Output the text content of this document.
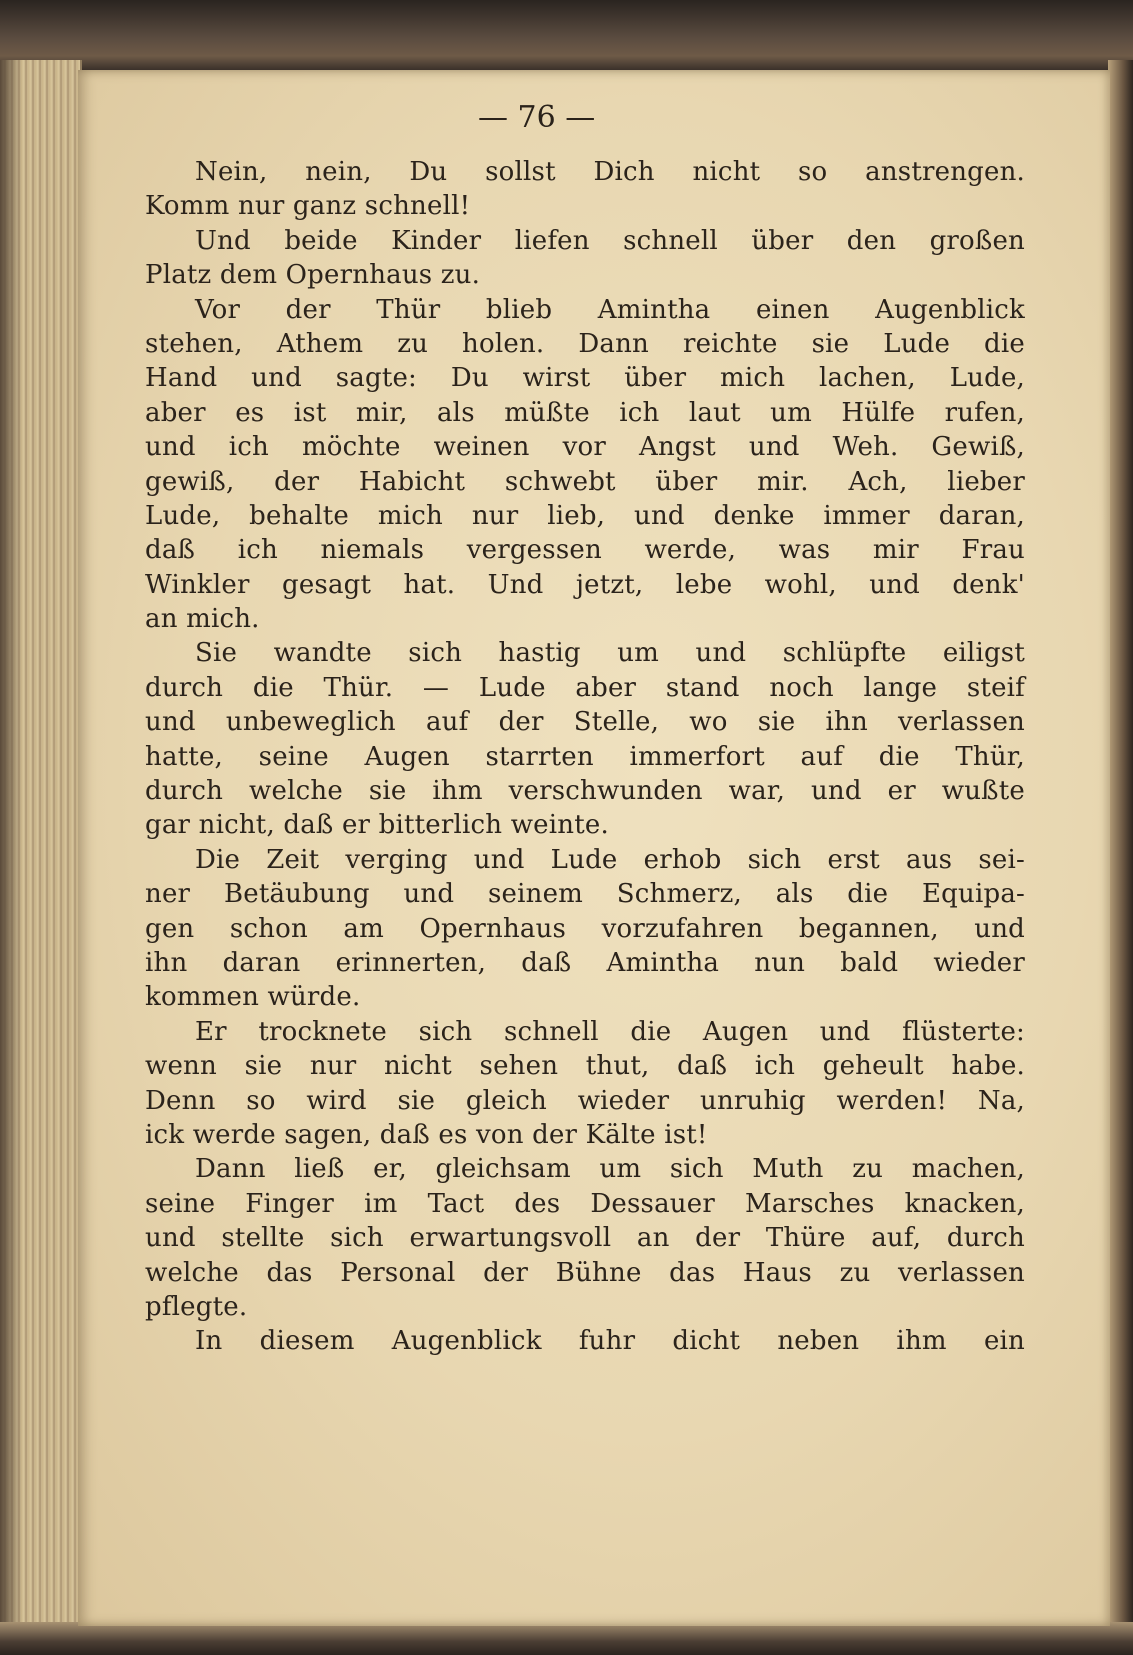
— 76 —
Nein, nein, Du sollst Dich nicht so anstrengen.
Komm nur ganz schnell!
Und beide Kinder liefen schnell über den großen
Platz dem Opernhaus zu.
Vor der Thür blieb Amintha einen Augenblick
stehen, Athem zu holen. Dann reichte sie Lude die
Hand und sagte: Du wirst über mich lachen, Lude,
aber es ist mir, als müßte ich laut um Hülfe rufen,
und ich möchte weinen vor Angst und Weh. Gewiß,
gewiß, der Habicht schwebt über mir. Ach, lieber
Lude, behalte mich nur lieb, und denke immer daran,
daß ich niemals vergessen werde, was mir Frau
Winkler gesagt hat. Und jetzt, lebe wohl, und denk'
an mich.
Sie wandte sich hastig um und schlüpfte eiligst
durch die Thür. — Lude aber stand noch lange steif
und unbeweglich auf der Stelle, wo sie ihn verlassen
hatte, seine Augen starrten immerfort auf die Thür,
durch welche sie ihm verschwunden war, und er wußte
gar nicht, daß er bitterlich weinte.
Die Zeit verging und Lude erhob sich erst aus sei-
ner Betäubung und seinem Schmerz, als die Equipa-
gen schon am Opernhaus vorzufahren begannen, und
ihn daran erinnerten, daß Amintha nun bald wieder
kommen würde.
Er trocknete sich schnell die Augen und flüsterte:
wenn sie nur nicht sehen thut, daß ich geheult habe.
Denn so wird sie gleich wieder unruhig werden! Na,
ick werde sagen, daß es von der Kälte ist!
Dann ließ er, gleichsam um sich Muth zu machen,
seine Finger im Tact des Dessauer Marsches knacken,
und stellte sich erwartungsvoll an der Thüre auf, durch
welche das Personal der Bühne das Haus zu verlassen
pflegte.
In diesem Augenblick fuhr dicht neben ihm ein
